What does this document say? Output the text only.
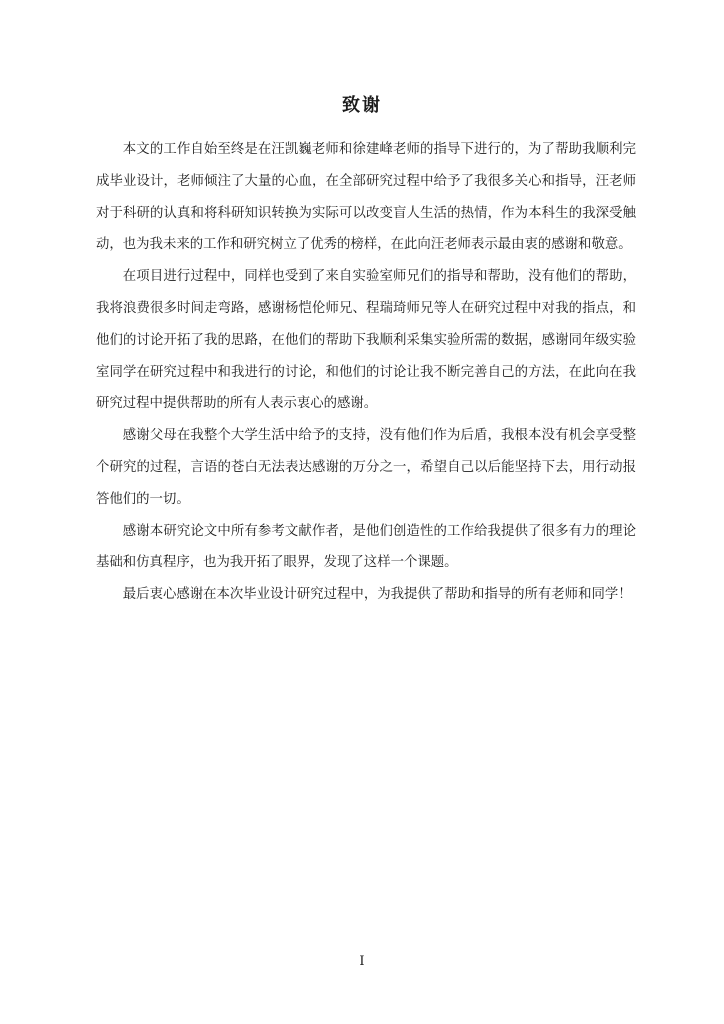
致谢

本文的工作自始至终是在汪凯巍老师和徐建峰老师的指导下进行的，为了帮助我顺利完成毕业设计，老师倾注了大量的心血，在全部研究过程中给予了我很多关心和指导，汪老师对于科研的认真和将科研知识转换为实际可以改变盲人生活的热情，作为本科生的我深受触动，也为我未来的工作和研究树立了优秀的榜样，在此向汪老师表示最由衷的感谢和敬意。

在项目进行过程中，同样也受到了来自实验室师兄们的指导和帮助，没有他们的帮助，我将浪费很多时间走弯路，感谢杨恺伦师兄、程瑞琦师兄等人在研究过程中对我的指点，和他们的讨论开拓了我的思路，在他们的帮助下我顺利采集实验所需的数据，感谢同年级实验室同学在研究过程中和我进行的讨论，和他们的讨论让我不断完善自己的方法，在此向在我研究过程中提供帮助的所有人表示衷心的感谢。

感谢父母在我整个大学生活中给予的支持，没有他们作为后盾，我根本没有机会享受整个研究的过程，言语的苍白无法表达感谢的万分之一，希望自己以后能坚持下去，用行动报答他们的一切。

感谢本研究论文中所有参考文献作者，是他们创造性的工作给我提供了很多有力的理论基础和仿真程序，也为我开拓了眼界，发现了这样一个课题。

最后衷心感谢在本次毕业设计研究过程中，为我提供了帮助和指导的所有老师和同学！

I
